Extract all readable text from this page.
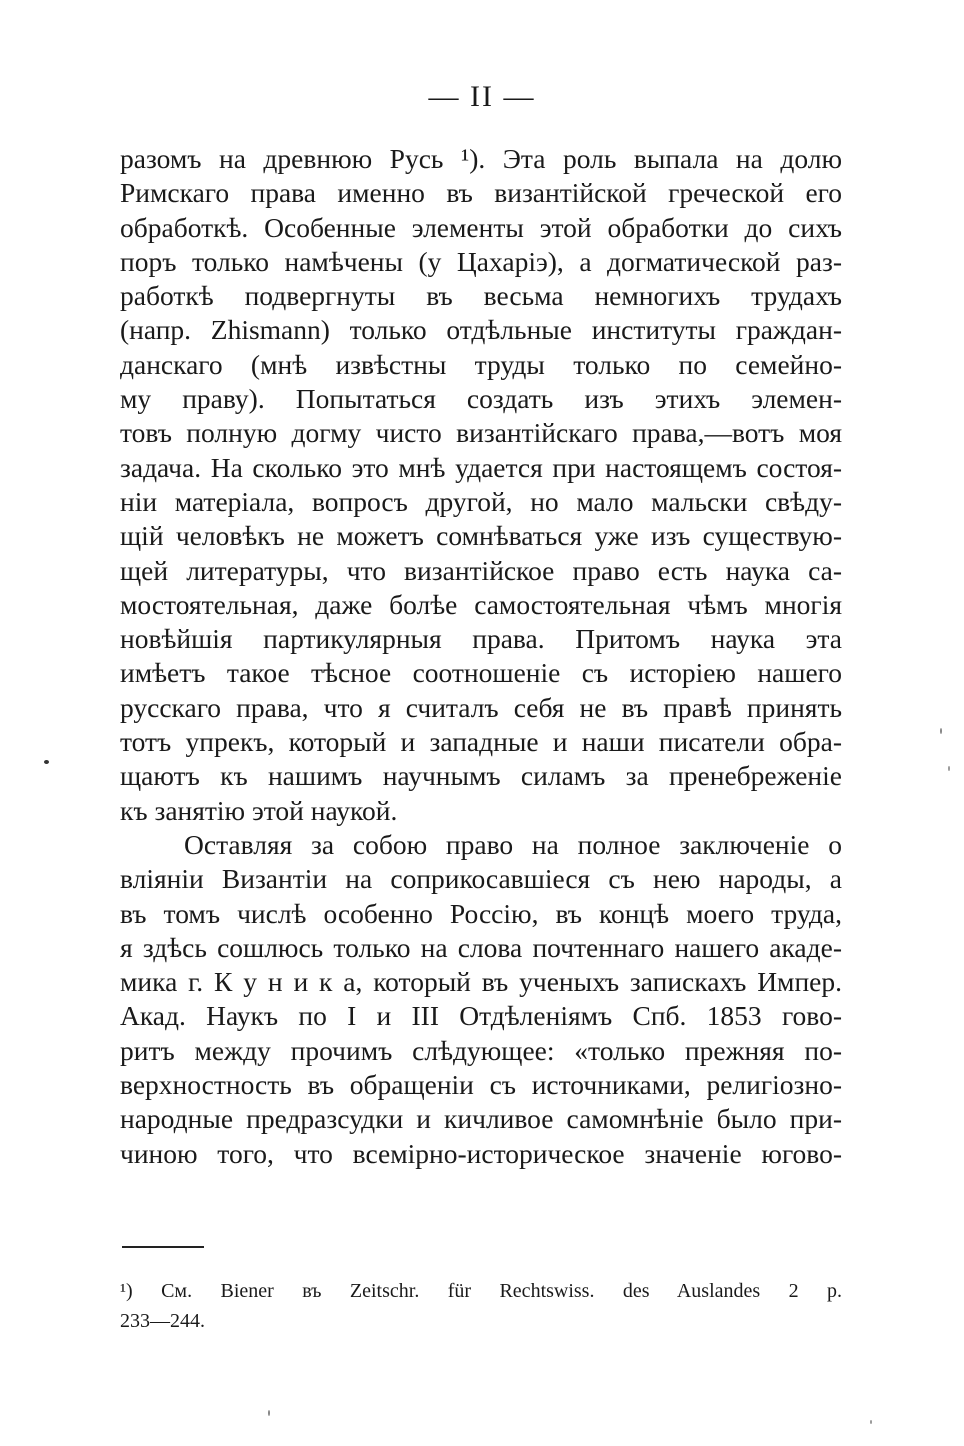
— II —
разомъ на древнюю Русь ¹). Эта роль выпала на долю
Римскаго права именно въ византійской греческой его
обработкѣ. Особенные элементы этой обработки до сихъ
поръ только намѣчены (у Цахаріэ), а догматической раз-
работкѣ подвергнуты въ весьма немногихъ трудахъ
(напр. Zhismann) только отдѣльные институты граждан-
данскаго (мнѣ извѣстны труды только по семейно-
му праву). Попытаться создать изъ этихъ элемен-
товъ полную догму чисто византійскаго права,—вотъ моя
задача. На сколько это мнѣ удается при настоящемъ состоя-
ніи матеріала, вопросъ другой, но мало мальски свѣду-
щій человѣкъ не можетъ сомнѣваться уже изъ существую-
щей литературы, что византійское право есть наука са-
мостоятельная, даже болѣе самостоятельная чѣмъ многія
новѣйшія партикулярныя права. Притомъ наука эта
имѣетъ такое тѣсное соотношеніе съ исторіею нашего
русскаго права, что я считалъ себя не въ правѣ принять
тотъ упрекъ, который и западные и наши писатели обра-
щаютъ къ нашимъ научнымъ силамъ за пренебреженіе
къ занятію этой наукой.
Оставляя за собою право на полное заключеніе о
вліяніи Византіи на соприкосавшіеся съ нею народы, а
въ томъ числѣ особенно Россію, въ концѣ моего труда,
я здѣсь сошлюсь только на слова почтеннаго нашего акаде-
мика г. К у н и к а, который въ ученыхъ запискахъ Импер.
Акад. Наукъ по I и III Отдѣленіямъ Спб. 1853 гово-
ритъ между прочимъ слѣдующее: «только прежняя по-
верхностность въ обращеніи съ источниками, религіозно-
народные предразсудки и кичливое самомнѣніе было при-
чиною того, что всемірно-историческое значеніе югово-
¹) См. Biener въ Zeitschr. für Rechtswiss. des Auslandes 2 p.
233—244.
